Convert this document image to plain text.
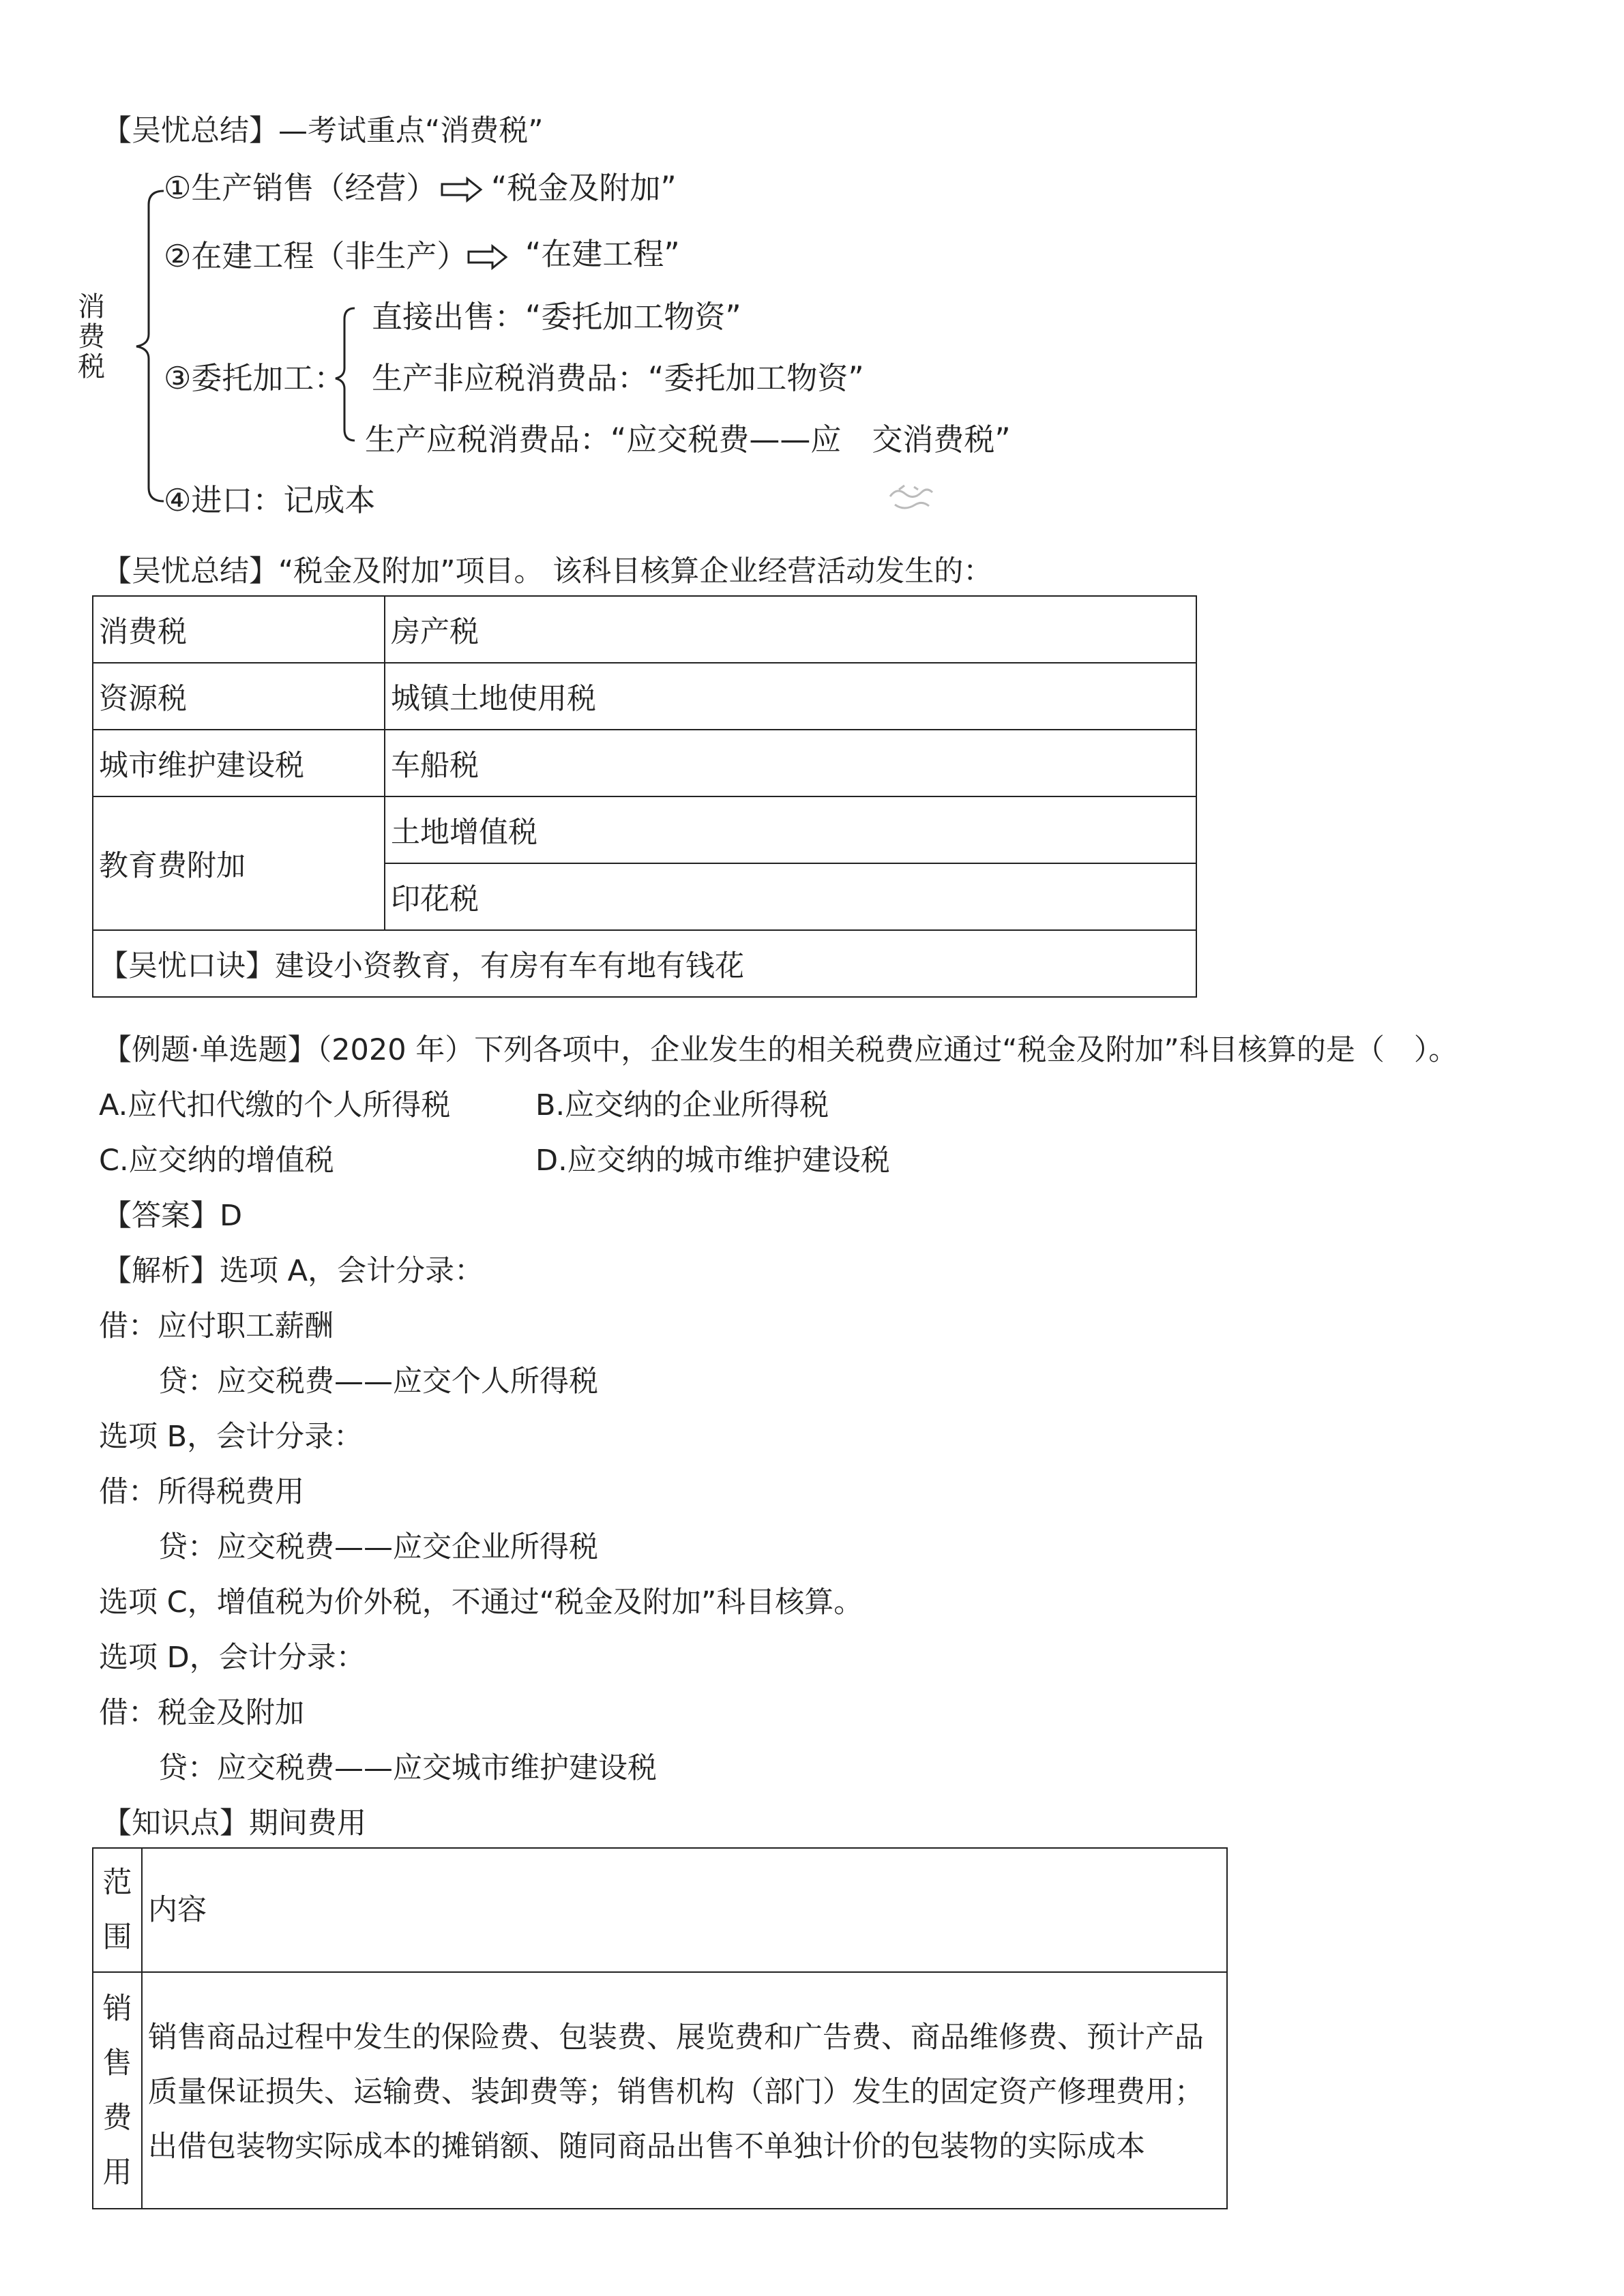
【吴忧总结】—考试重点“消费税”
消费税
①生产销售（经营） “税金及附加”
②在建工程（非生产） “在建工程”
③委托加工：
直接出售：“委托加工物资”
生产非应税消费品：“委托加工物资”
生产应税消费品：“应交税费——应　交消费税”
④进口：记成本
【吴忧总结】“税金及附加”项目。 该科目核算企业经营活动发生的：
消费税	房产税
资源税	城镇土地使用税
城市维护建设税	车船税
教育费附加	土地增值税
	印花税
【吴忧口诀】建设小资教育，有房有车有地有钱花	
【例题·单选题】（2020 年）下列各项中，企业发生的相关税费应通过“税金及附加”科目核算的是（　）。
A.应代扣代缴的个人所得税	B.应交纳的企业所得税
C.应交纳的增值税	D.应交纳的城市维护建设税
【答案】D
【解析】选项 A，会计分录：
借：应付职工薪酬
贷：应交税费——应交个人所得税
选项 B，会计分录：
借：所得税费用
贷：应交税费——应交企业所得税
选项 C，增值税为价外税，不通过“税金及附加”科目核算。
选项 D，会计分录：
借：税金及附加
贷：应交税费——应交城市维护建设税
【知识点】期间费用
范围	内容
销售费用	销售商品过程中发生的保险费、包装费、展览费和广告费、商品维修费、预计产品质量保证损失、运输费、装卸费等；销售机构（部门）发生的固定资产修理费用；出借包装物实际成本的摊销额、随同商品出售不单独计价的包装物的实际成本
